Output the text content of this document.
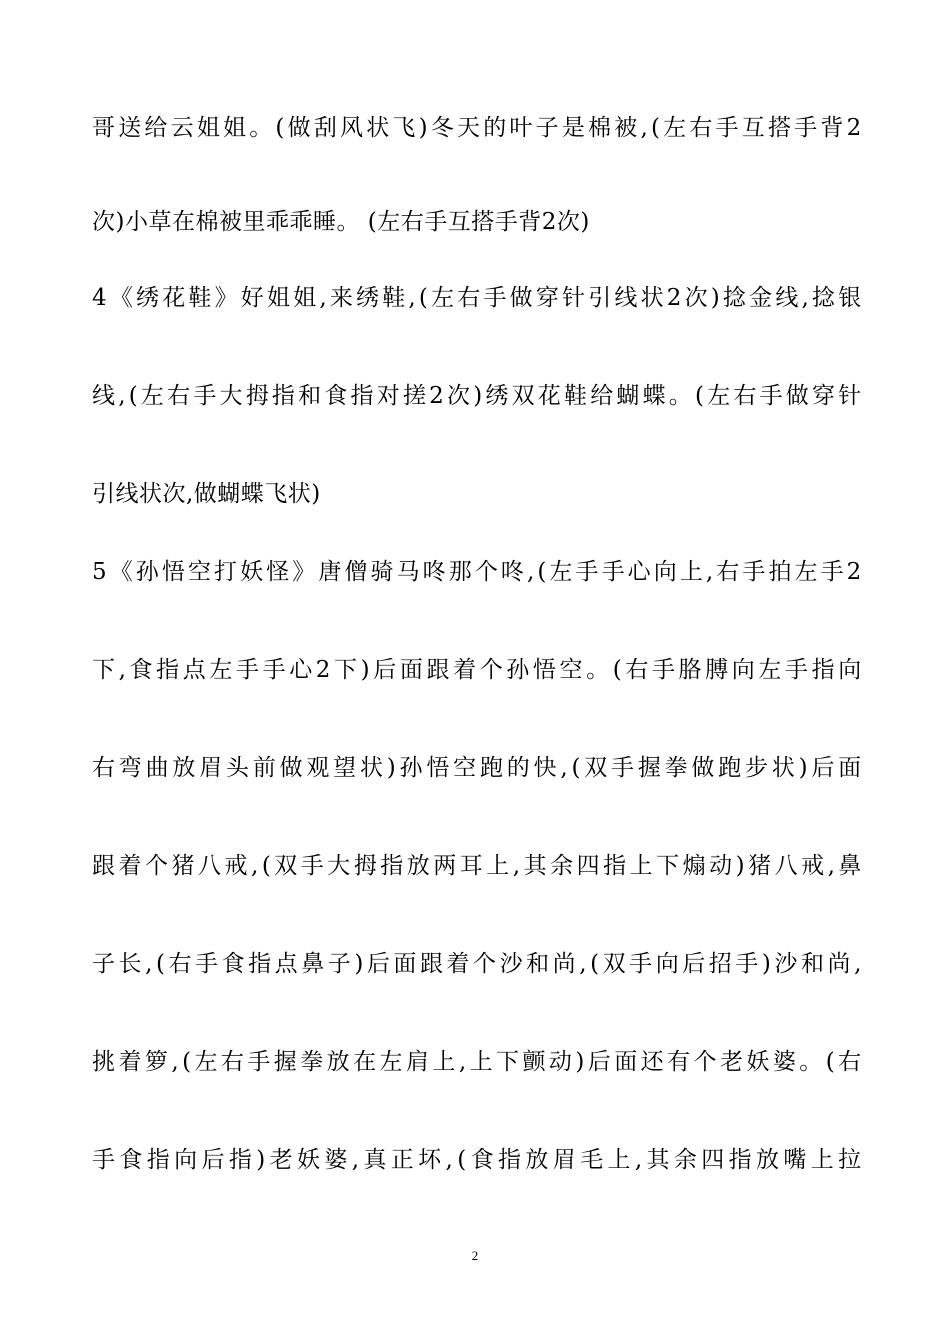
哥 送 给 云 姐 姐 。 ( 做 刮 风 状 飞 ) 冬 天 的 叶 子 是 棉 被 , ( 左 右 手 互 搭 手 背 2
次)小草在棉被里乖乖睡。 (左右手互搭手背2次)
4 《 绣 花 鞋 》 好 姐 姐 , 来 绣 鞋 , ( 左 右 手 做 穿 针 引 线 状 2 次 ) 捻 金 线 , 捻 银
线 , ( 左 右 手 大 拇 指 和 食 指 对 搓 2 次 ) 绣 双 花 鞋 给 蝴 蝶 。 ( 左 右 手 做 穿 针
引线状次,做蝴蝶飞状)
5 《 孙 悟 空 打 妖 怪 》 唐 僧 骑 马 咚 那 个 咚 , ( 左 手 手 心 向 上 , 右 手 拍 左 手 2
下 , 食 指 点 左 手 手 心 2 下 ) 后 面 跟 着 个 孙 悟 空 。 ( 右 手 胳 膊 向 左 手 指 向
右 弯 曲 放 眉 头 前 做 观 望 状 ) 孙 悟 空 跑 的 快 , ( 双 手 握 拳 做 跑 步 状 ) 后 面
跟 着 个 猪 八 戒 , ( 双 手 大 拇 指 放 两 耳 上 , 其 余 四 指 上 下 煽 动 ) 猪 八 戒 , 鼻
子 长 , ( 右 手 食 指 点 鼻 子 ) 后 面 跟 着 个 沙 和 尚 , ( 双 手 向 后 招 手 ) 沙 和 尚 ,
挑 着 箩 , ( 左 右 手 握 拳 放 在 左 肩 上 , 上 下 颤 动 ) 后 面 还 有 个 老 妖 婆 。 ( 右
手 食 指 向 后 指 ) 老 妖 婆 , 真 正 坏 , ( 食 指 放 眉 毛 上 , 其 余 四 指 放 嘴 上 拉
2
